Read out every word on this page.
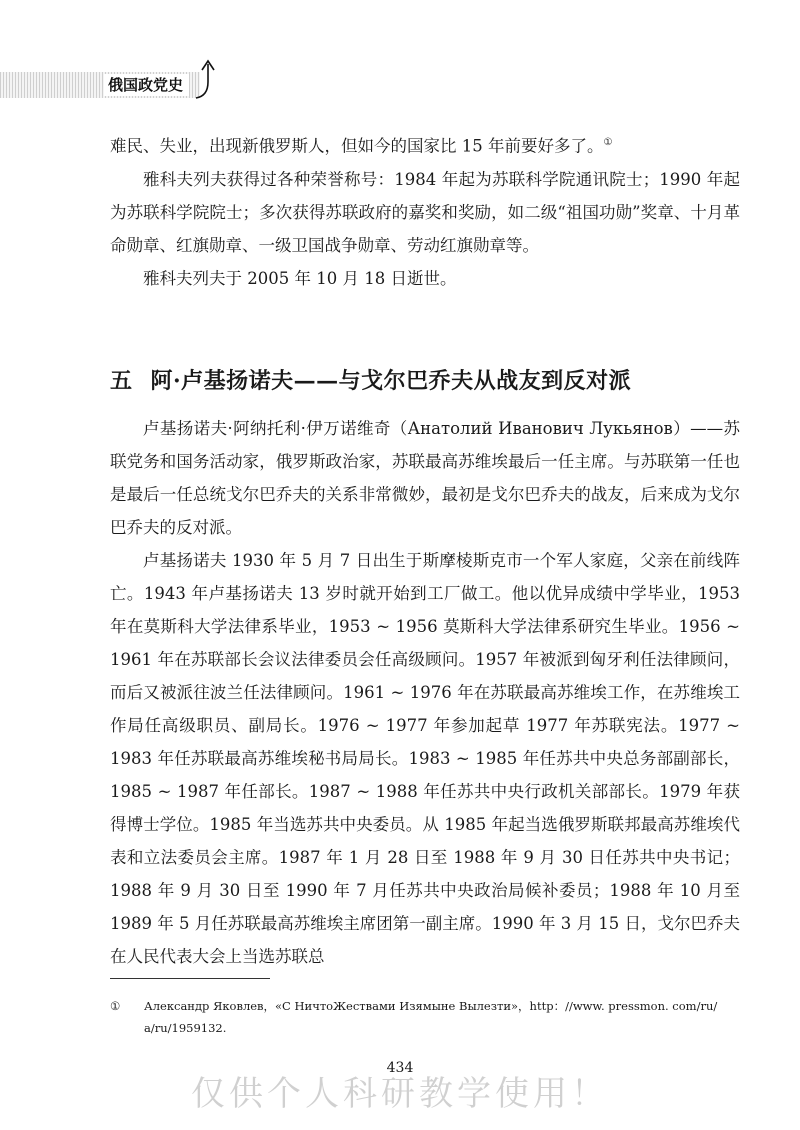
俄国政党史

难民、失业，出现新俄罗斯人，但如今的国家比 15 年前要好多了。①

雅科夫列夫获得过各种荣誉称号：1984 年起为苏联科学院通讯院士；1990 年起为苏联科学院院士；多次获得苏联政府的嘉奖和奖励，如二级“祖国功勋”奖章、十月革命勋章、红旗勋章、一级卫国战争勋章、劳动红旗勋章等。

雅科夫列夫于 2005 年 10 月 18 日逝世。

五 阿·卢基扬诺夫——与戈尔巴乔夫从战友到反对派

卢基扬诺夫·阿纳托利·伊万诺维奇（Анатолий Иванович Лукьянов）——苏联党务和国务活动家，俄罗斯政治家，苏联最高苏维埃最后一任主席。与苏联第一任也是最后一任总统戈尔巴乔夫的关系非常微妙，最初是戈尔巴乔夫的战友，后来成为戈尔巴乔夫的反对派。

卢基扬诺夫 1930 年 5 月 7 日出生于斯摩棱斯克市一个军人家庭，父亲在前线阵亡。1943 年卢基扬诺夫 13 岁时就开始到工厂做工。他以优异成绩中学毕业，1953 年在莫斯科大学法律系毕业，1953 ~ 1956 莫斯科大学法律系研究生毕业。1956 ~ 1961 年在苏联部长会议法律委员会任高级顾问。1957 年被派到匈牙利任法律顾问，而后又被派往波兰任法律顾问。1961 ~ 1976 年在苏联最高苏维埃工作，在苏维埃工作局任高级职员、副局长。1976 ~ 1977 年参加起草 1977 年苏联宪法。1977 ~ 1983 年任苏联最高苏维埃秘书局局长。1983 ~ 1985 年任苏共中央总务部副部长，1985 ~ 1987 年任部长。1987 ~ 1988 年任苏共中央行政机关部部长。1979 年获得博士学位。1985 年当选苏共中央委员。从 1985 年起当选俄罗斯联邦最高苏维埃代表和立法委员会主席。1987 年 1 月 28 日至 1988 年 9 月 30 日任苏共中央书记；1988 年 9 月 30 日至 1990 年 7 月任苏共中央政治局候补委员；1988 年 10 月至 1989 年 5 月任苏联最高苏维埃主席团第一副主席。1990 年 3 月 15 日，戈尔巴乔夫在人民代表大会上当选苏联总

① Александр Яковлев，«С НичтоЖествами Изямыне Вылезти»，http：//www. pressmon. com/ru/
a/ru/1959132.
434
仅供个人科研教学使用！
